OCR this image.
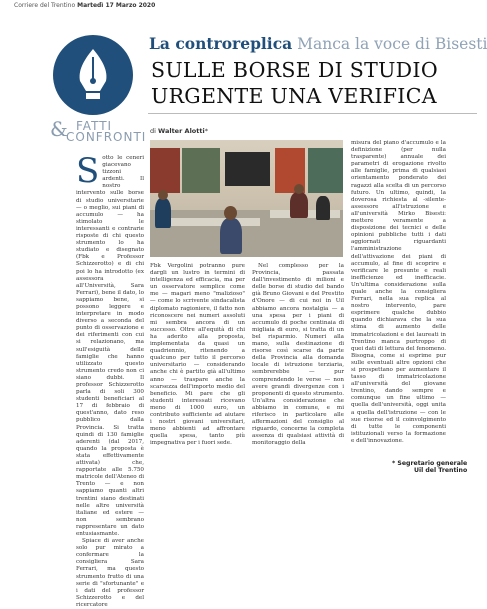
Corriere del Trentino Martedì 17 Marzo 2020
& FATTI
CONFRONTI
La controreplica Manca la voce di Bisesti
SULLE BORSE DI STUDIO
URGENTE UNA VERIFICA
di Walter Alotti*

Sotto le ceneri giacevano tizzoni ardenti. Il nostro intervento sulle borse di studio universitarie — o meglio, sui piani di accumulo — ha stimolato le interessanti e contrarie risposte di chi questo strumento lo ha studiato e disegnato (Fbk e Professor Schizzerotto) e di chi poi lo ha introdotto (ex assessora all'Università, Sara Ferrari), bene il dato, lo sappiamo bene, si possono leggere e interpretare in modo diverso a seconda del punto di osservazione e dei riferimenti con cui si relazionano, ma sull'esiguità delle famiglie che hanno utilizzato questo strumento credo non ci siano dubbi. Il professor Schizzerotto parla di soli 300 studenti beneficiari al 17 di febbraio di quest'anno, dato reso pubblico dalla Provincia. Si tratta quindi di 130 famiglie aderenti (dal 2017, quando la proposta è stata effettivamente attivata) che, rapportate alle 5.750 matricole dell'Ateneo di Trento — e non sappiamo quanti altri trentini siano destinati nelle altre università italiane ed estere — non sembrano rappresentare un dato entusiasmante.

Spiace di aver anche solo pur mirato a confermare la consigliera Sara Ferrari, ma questo strumento frutto di una serie di "sfortunante" e i dati del professor Schizzerotto e del ricercatore

Fbk Vergolini potranno pure dargli un lustro in termini di intelligenza ed efficacia, ma per un osservatore semplice come me — magari meno "malizioso" — come lo scrivente sindacalista diplomato ragioniere, il fatto non riconoscere nei numeri assoluti mi sembra ancora di un successo. Oltre all'equità di chi ha aderito alla proposta, implementata da quasi un quadriennio, ritenendo a qualcuno per tutto il percorso universitario — considerando anche chi è partito già all'ultimo anno — traspare anche la scarsezza dell'importo medio del beneficio. Mi pare che gli studenti interessati ricevano meno di 1000 euro, un contributo sufficiente ad aiutare i nostri giovani universitari, meno abbienti ad affrontare quella spesa, tanto più impegnativa per i fuori sede.

Nel complesso per la Provincia, passata dall'investimento di milioni e delle borse di studio del bando già Bruno Giovani e del Prestito d'Onore — di cui noi in Uil abbiamo ancora nostalgia — a una spesa per i piani di accumulo di poche centinaia di migliaia di euro, si tratta di un bel risparmio. Numeri alla mano, sulla destinazione di risorse così scarse da parte della Provincia alla domanda locale di istruzione terziaria, sembrerebbe — pur comprendendo le verse — non avere grandi divergenze con i proponenti di questo strumento. Un'altra considerazione che abbiamo in comune, e mi riferisco in particolare alle affermazioni del consiglio al riguardo, concerne la completa assenza di qualsiasi attività di monitoraggio della

misura del piano d'accumulo e la definizione (per nulla trasparente) annuale dei parametri di erogazione rivolto alle famiglie, prima di qualsiasi orientamento ponderato dei ragazzi alla scelta di un percorso futuro. Un ultimo, quindi, la doverosa richiesta al -silente- assessore all'istruzione e all'università Mirko Bisesti: mettere veramente a disposizione dei tecnici e delle opinioni pubbliche tutti i dati aggiornati riguardanti l'amministrazione dell'attivazione dei piani di accumulo, al fine di scoprire e verificare le presunte e reali inefficienze ed inefficacie. Un'ultima considerazione sulla quale anche la consigliera Ferrari, nella sua replica al nostro intervento, pare esprimere qualche dubbio quando dichiarava che la sua stima di aumento delle immatricolazioni e dei laureati in Trentino manca purtroppo di quei dati di lettura del fenomeno. Bisogna, come si esprime pur sulle eventuali altre opzioni che si prospettano per aumentare il tasso di immatricolazione all'università del giovane trentino, dando sempre e comunque un fine ultimo — quella dell'università, oggi unita a quella dell'istruzione — con le sue risorse ed il coinvolgimento di tutte le componenti istituzionali verso la formazione e dell'innovazione.

* Segretario generale
Uil del Trentino
